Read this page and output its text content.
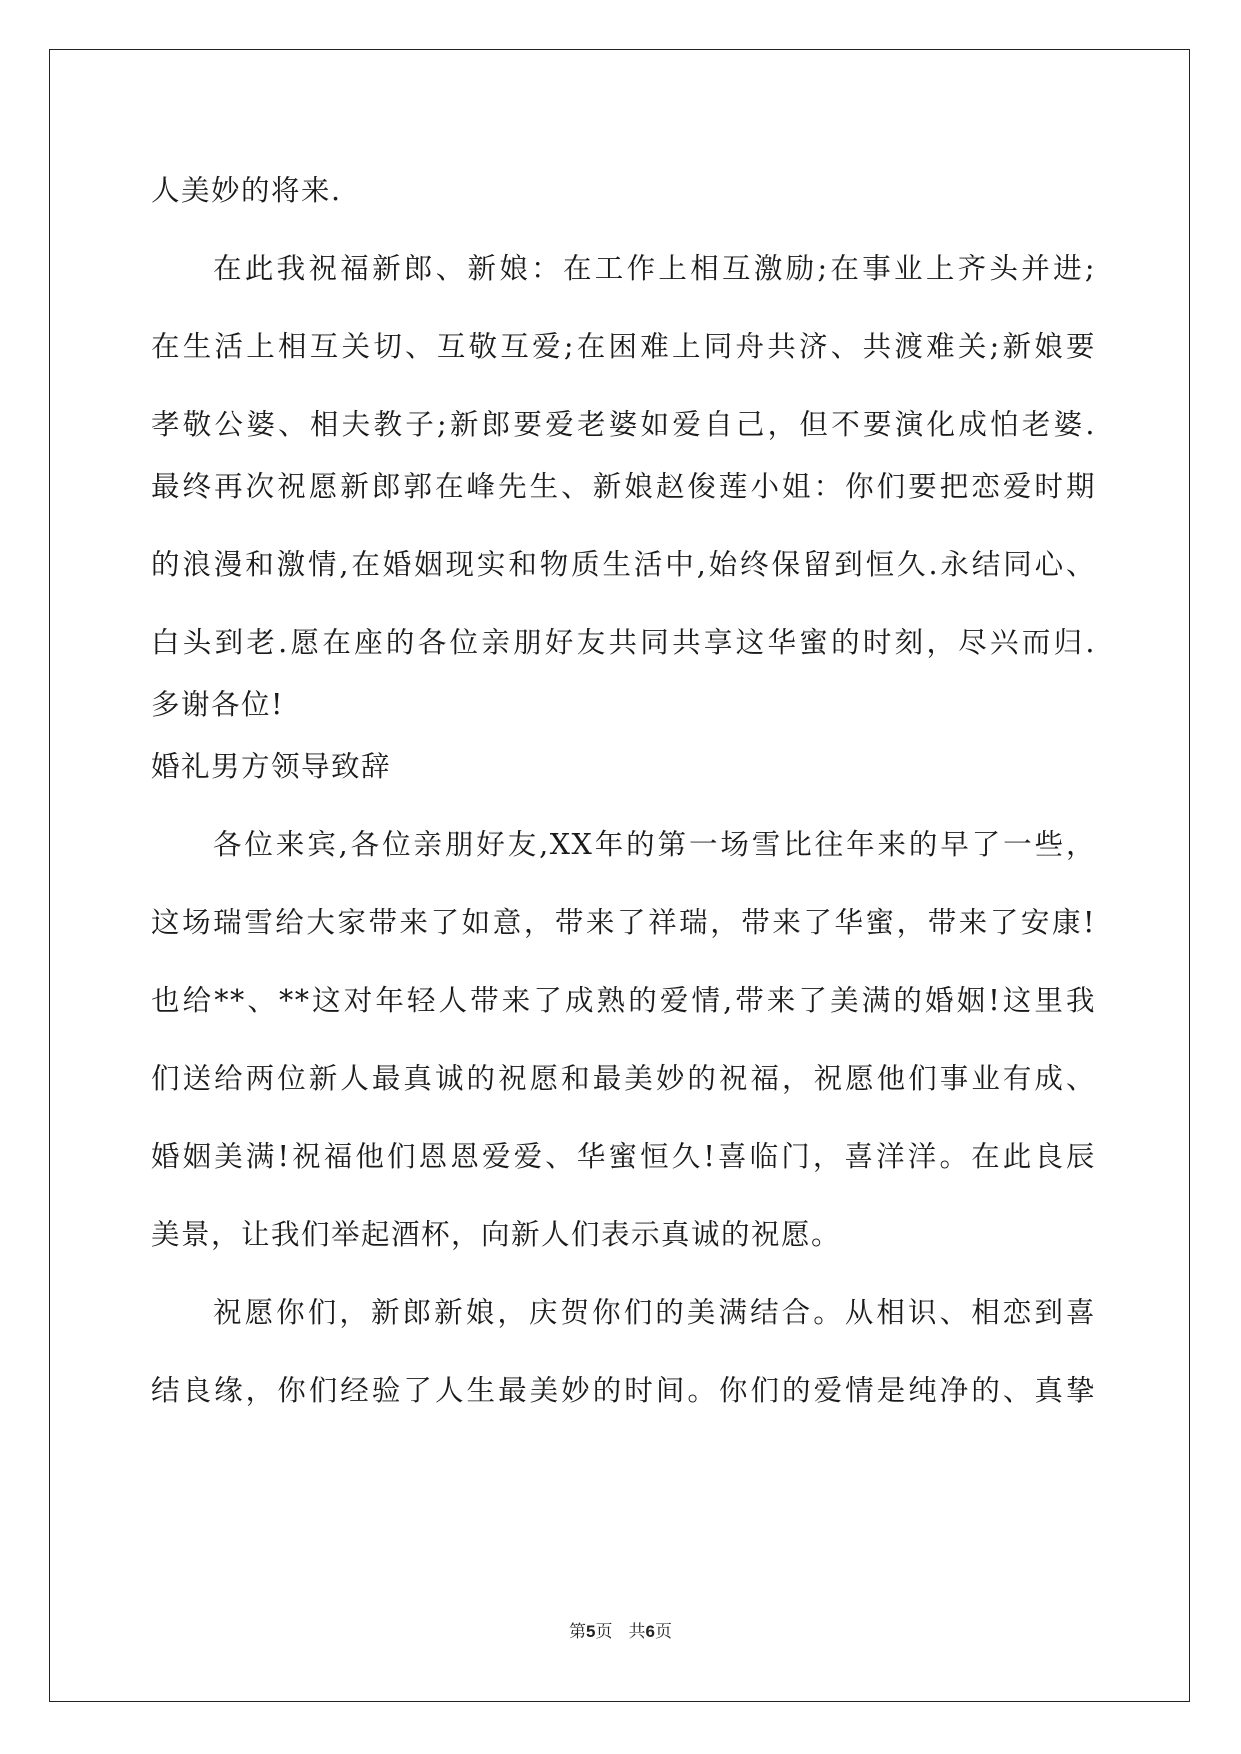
人美妙的将来.
在此我祝福新郎、新娘：在工作上相互激励;在事业上齐头并进;
在生活上相互关切、互敬互爱;在困难上同舟共济、共渡难关;新娘要
孝敬公婆、相夫教子;新郎要爱老婆如爱自己，但不要演化成怕老婆.
最终再次祝愿新郎郭在峰先生、新娘赵俊莲小姐：你们要把恋爱时期
的浪漫和激情,在婚姻现实和物质生活中,始终保留到恒久.永结同心、
白头到老.愿在座的各位亲朋好友共同共享这华蜜的时刻，尽兴而归.
多谢各位!
婚礼男方领导致辞
各位来宾,各位亲朋好友,XX年的第一场雪比往年来的早了一些，
这场瑞雪给大家带来了如意，带来了祥瑞，带来了华蜜，带来了安康!
也给**、**这对年轻人带来了成熟的爱情,带来了美满的婚姻!这里我
们送给两位新人最真诚的祝愿和最美妙的祝福，祝愿他们事业有成、
婚姻美满!祝福他们恩恩爱爱、华蜜恒久!喜临门，喜洋洋。在此良辰
美景，让我们举起酒杯，向新人们表示真诚的祝愿。
祝愿你们，新郎新娘，庆贺你们的美满结合。从相识、相恋到喜
结良缘，你们经验了人生最美妙的时间。你们的爱情是纯净的、真挚
第5页 共6页
